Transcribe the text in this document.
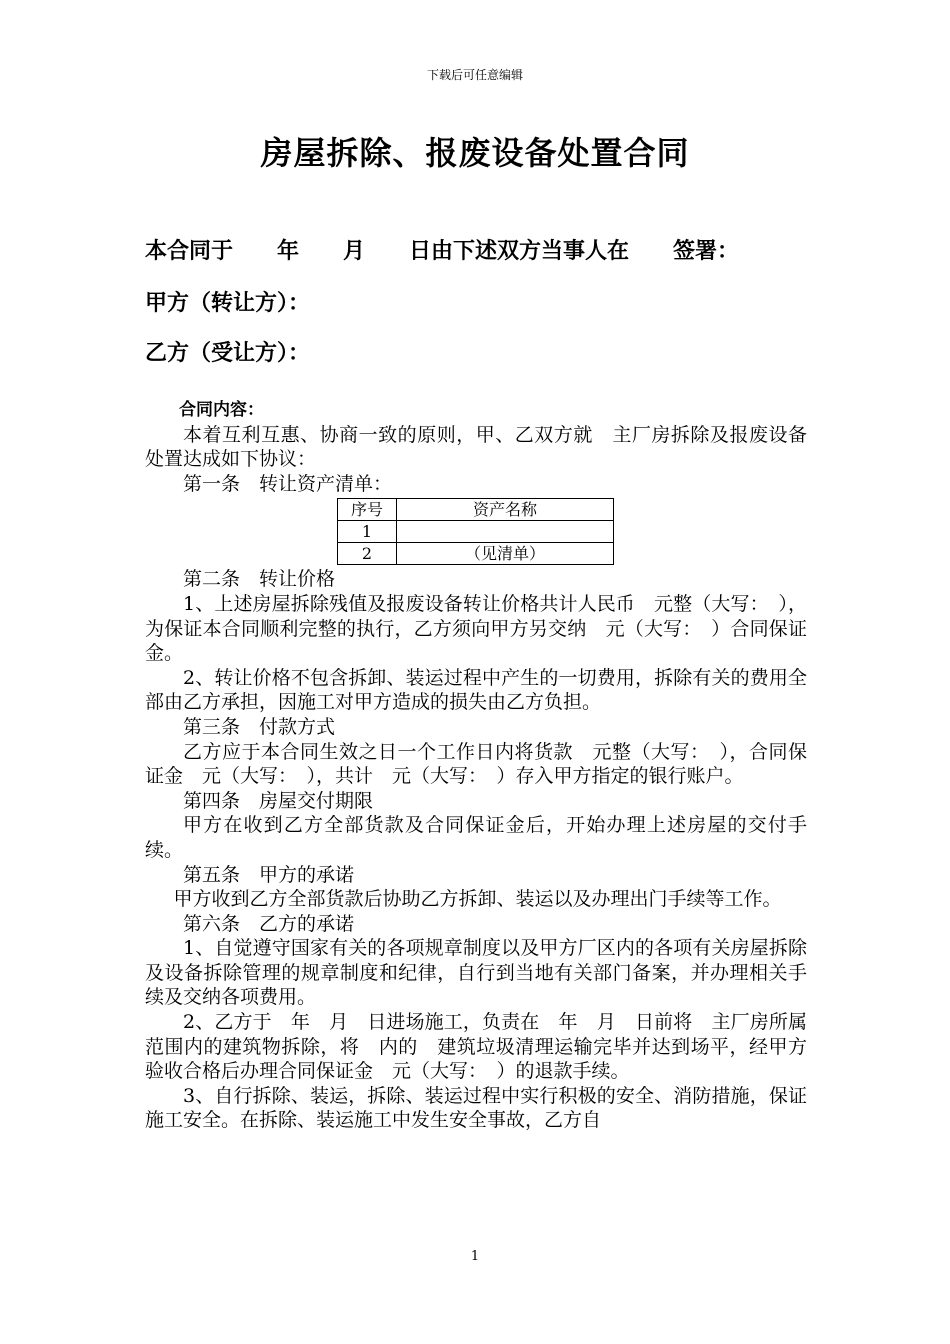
下载后可任意编辑
房屋拆除、报废设备处置合同
本合同于　　年　　月　　日由下述双方当事人在　　签署：
甲方（转让方）：
乙方（受让方）：

合同内容：

本着互利互惠、协商一致的原则，甲、乙双方就　主厂房拆除及报废设备处置达成如下协议：

第一条　转让资产清单：

序号	资产名称
1	
2	（见清单）

第二条　转让价格

1、上述房屋拆除残值及报废设备转让价格共计人民币　元整（大写：　），为保证本合同顺利完整的执行，乙方须向甲方另交纳　元（大写：　）合同保证金。

2、转让价格不包含拆卸、装运过程中产生的一切费用，拆除有关的费用全部由乙方承担，因施工对甲方造成的损失由乙方负担。

第三条　付款方式

乙方应于本合同生效之日一个工作日内将货款　元整（大写：　），合同保证金　元（大写：　），共计　元（大写：　）存入甲方指定的银行账户。

第四条　房屋交付期限

甲方在收到乙方全部货款及合同保证金后，开始办理上述房屋的交付手续。

第五条　甲方的承诺

甲方收到乙方全部货款后协助乙方拆卸、装运以及办理出门手续等工作。

第六条　乙方的承诺

1、自觉遵守国家有关的各项规章制度以及甲方厂区内的各项有关房屋拆除及设备拆除管理的规章制度和纪律，自行到当地有关部门备案，并办理相关手续及交纳各项费用。

2、乙方于　年　月　日进场施工，负责在　年　月　日前将　主厂房所属范围内的建筑物拆除，将　内的　建筑垃圾清理运输完毕并达到场平，经甲方验收合格后办理合同保证金　元（大写：　）的退款手续。

3、自行拆除、装运，拆除、装运过程中实行积极的安全、消防措施，保证施工安全。在拆除、装运施工中发生安全事故，乙方自

1
